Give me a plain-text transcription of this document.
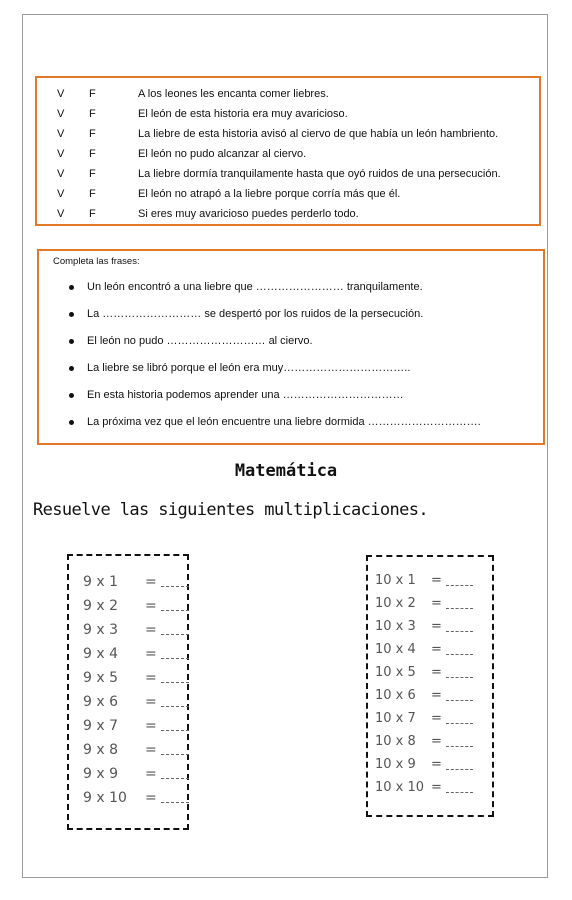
V F	A los leones les encanta comer liebres.
V F	El león de esta historia era muy avaricioso.
V F	La liebre de esta historia avisó al ciervo de que había un león hambriento.
V F	El león no pudo alcanzar al ciervo.
V F	La liebre dormía tranquilamente hasta que oyó ruidos de una persecución.
V F	El león no atrapó a la liebre porque corría más que él.
V F	Si eres muy avaricioso puedes perderlo todo.
Completa las frases:
Un león encontró a una liebre que …………………… tranquilamente.
La ……………………… se despertó por los ruidos de la persecución.
El león no pudo ……………………… al ciervo.
La liebre se libró porque el león era muy……………………………..
En esta historia podemos aprender una ……………………………
La próxima vez que el león encuentre una liebre dormida ………………………….
Matemática
Resuelve las siguientes multiplicaciones.
9 x 1 =
9 x 2 =
9 x 3 =
9 x 4 =
9 x 5 =
9 x 6 =
9 x 7 =
9 x 8 =
9 x 9 =
9 x 10 =
10 x 1 =
10 x 2 =
10 x 3 =
10 x 4 =
10 x 5 =
10 x 6 =
10 x 7 =
10 x 8 =
10 x 9 =
10 x 10 =
